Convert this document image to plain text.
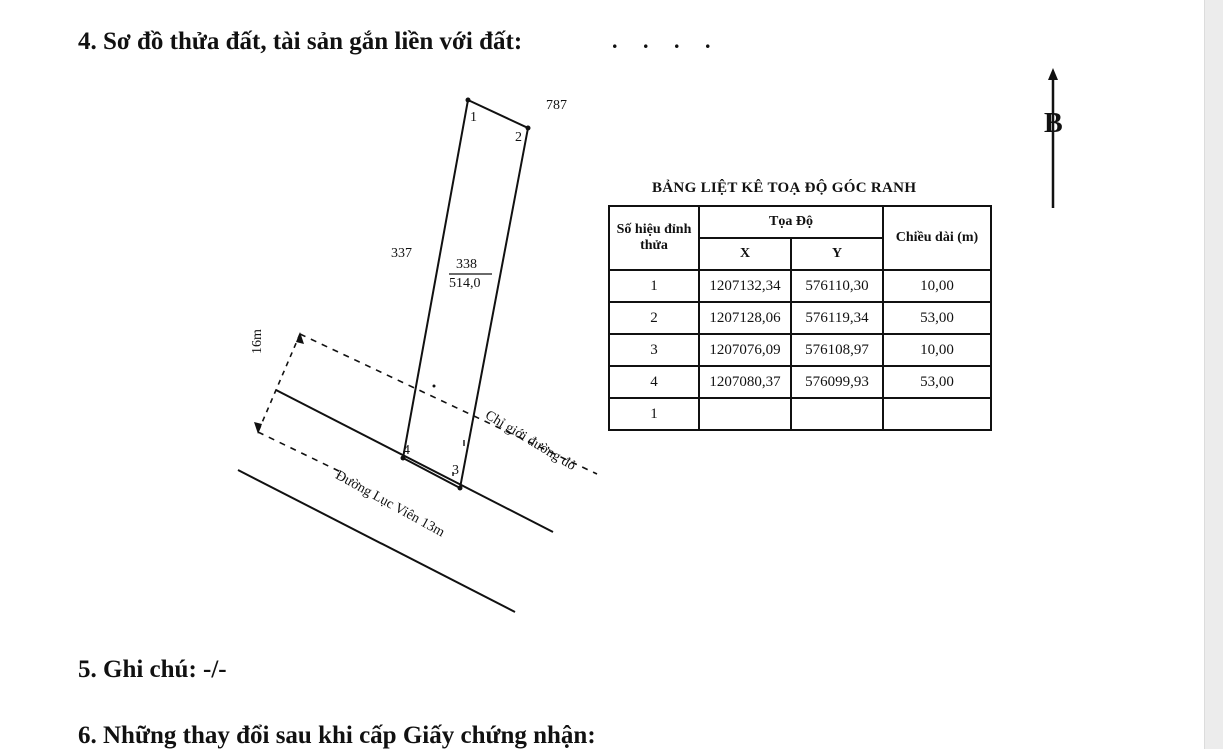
4. Sơ đồ thửa đất, tài sản gắn liền với đất:	. . . .
787
1
2
337
338
514,0
4
3
16m
Chỉ giới đường đỏ
Đường Lục Viên 13m
B
BẢNG LIỆT KÊ TOẠ ĐỘ GÓC RANH
Số hiệu đỉnh thửa	Tọa Độ		Chiều dài (m)
	X	Y	
1	1207132,34	576110,30	10,00
2	1207128,06	576119,34	53,00
3	1207076,09	576108,97	10,00
4	1207080,37	576099,93	53,00
1			
5. Ghi chú: -/-
6. Những thay đổi sau khi cấp Giấy chứng nhận:
